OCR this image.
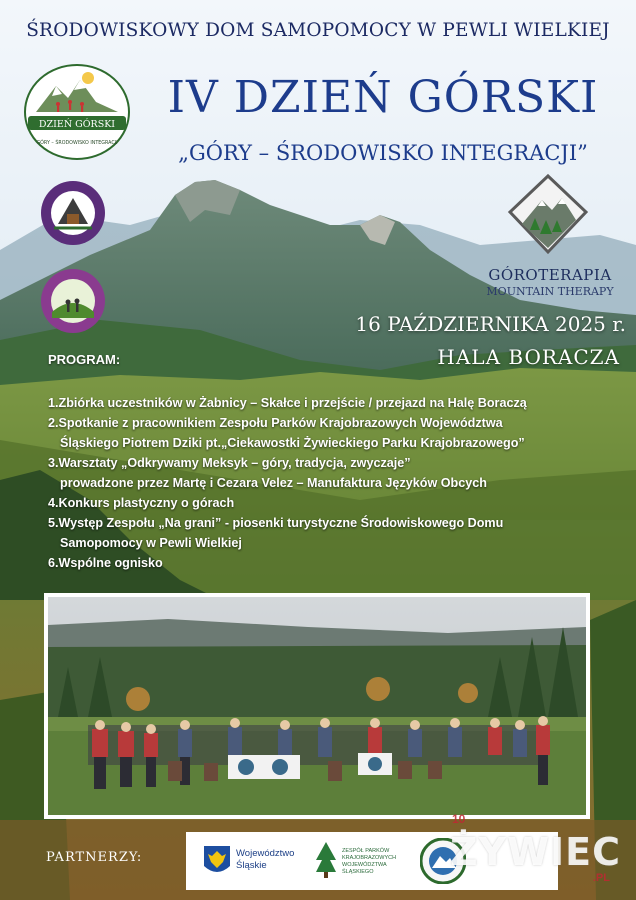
ŚRODOWISKOWY DOM SAMOPOMOCY W PEWLI WIELKIEJ
IV DZIEŃ GÓRSKI
„GÓRY – ŚRODOWISKO INTEGRACJI”
DZIEŃ GÓRSKI
GÓRY – ŚRODOWISKO INTEGRACJI
GÓROTERAPIA
MOUNTAIN THERAPY
16 PAŹDZIERNIKA 2025 r.
HALA BORACZA
PROGRAM:
1.Zbiórka uczestników w Żabnicy – Skałce i przejście / przejazd na Halę Boraczą
2.Spotkanie z pracownikiem Zespołu Parków Krajobrazowych Województwa
Śląskiego Piotrem Dziki pt.„Ciekawostki Żywieckiego Parku Krajobrazowego”
3.Warsztaty „Odkrywamy Meksyk – góry, tradycja, zwyczaje”
prowadzone przez Martę i Cezara Velez – Manufaktura Języków Obcych
4.Konkurs plastyczny o górach
5.Występ Zespołu „Na grani” - piosenki turystyczne Środowiskowego Domu
Samopomocy w Pewli Wielkiej
6.Wspólne ognisko
PARTNERZY:	Województwo Śląskie
ZESPÓŁ PARKÓW KRAJOBRAZOWYCH WOJEWÓDZTWA ŚLĄSKIEGO
10
ŻYWIEC
.PL
